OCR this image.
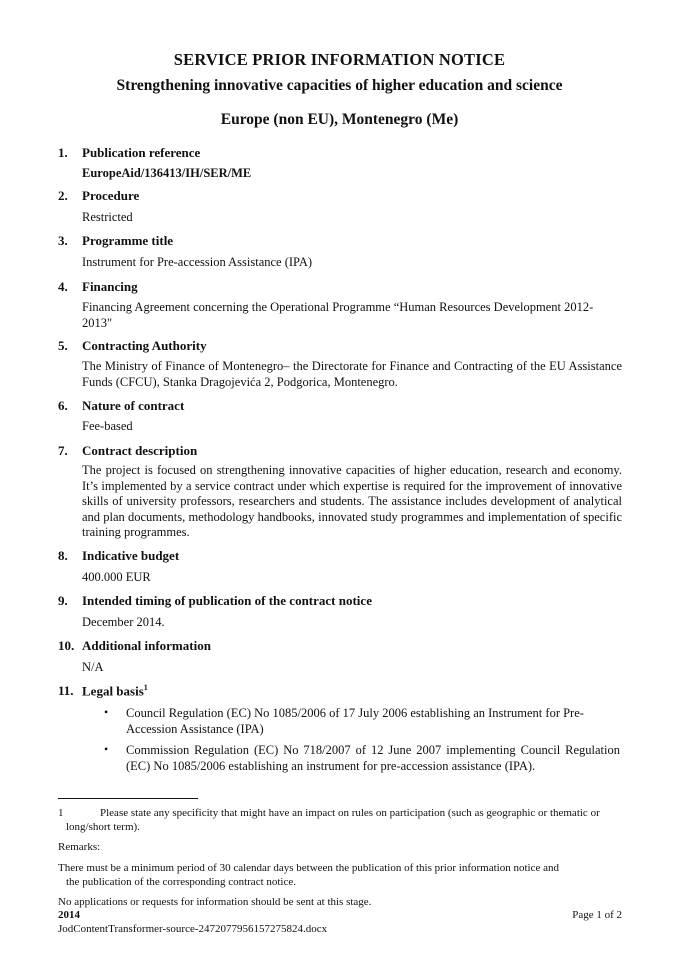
SERVICE PRIOR INFORMATION NOTICE
Strengthening innovative capacities of higher education and science
Europe (non EU), Montenegro (Me)
1. Publication reference
EuropeAid/136413/IH/SER/ME
2. Procedure
Restricted
3. Programme title
Instrument for Pre-accession Assistance (IPA)
4. Financing
Financing Agreement concerning the Operational Programme “Human Resources Development 2012-2013"
5. Contracting Authority
The Ministry of Finance of Montenegro– the Directorate for Finance and Contracting of the EU Assistance Funds (CFCU), Stanka Dragojevića 2, Podgorica, Montenegro.
6. Nature of contract
Fee-based
7. Contract description
The project is focused on strengthening innovative capacities of higher education, research and economy. It’s implemented by a service contract under which expertise is required for the improvement of innovative skills of university professors, researchers and students. The assistance includes development of analytical and plan documents, methodology handbooks, innovated study programmes and implementation of specific training programmes.
8. Indicative budget
400.000 EUR
9. Intended timing of publication of the contract notice
December 2014.
10. Additional information
N/A
11. Legal basis$^1$
• Council Regulation (EC) No 1085/2006 of 17 July 2006 establishing an Instrument for Pre-Accession Assistance (IPA)
• Commission Regulation (EC) No 718/2007 of 12 June 2007 implementing Council Regulation (EC) No 1085/2006 establishing an instrument for pre-accession assistance (IPA).
1	Please state any specificity that might have an impact on rules on participation (such as geographic or thematic or long/short term).
Remarks:
There must be a minimum period of 30 calendar days between the publication of this prior information notice and
the publication of the corresponding contract notice.
No applications or requests for information should be sent at this stage.
2014	Page 1 of 2
JodContentTransformer-source-2472077956157275824.docx
